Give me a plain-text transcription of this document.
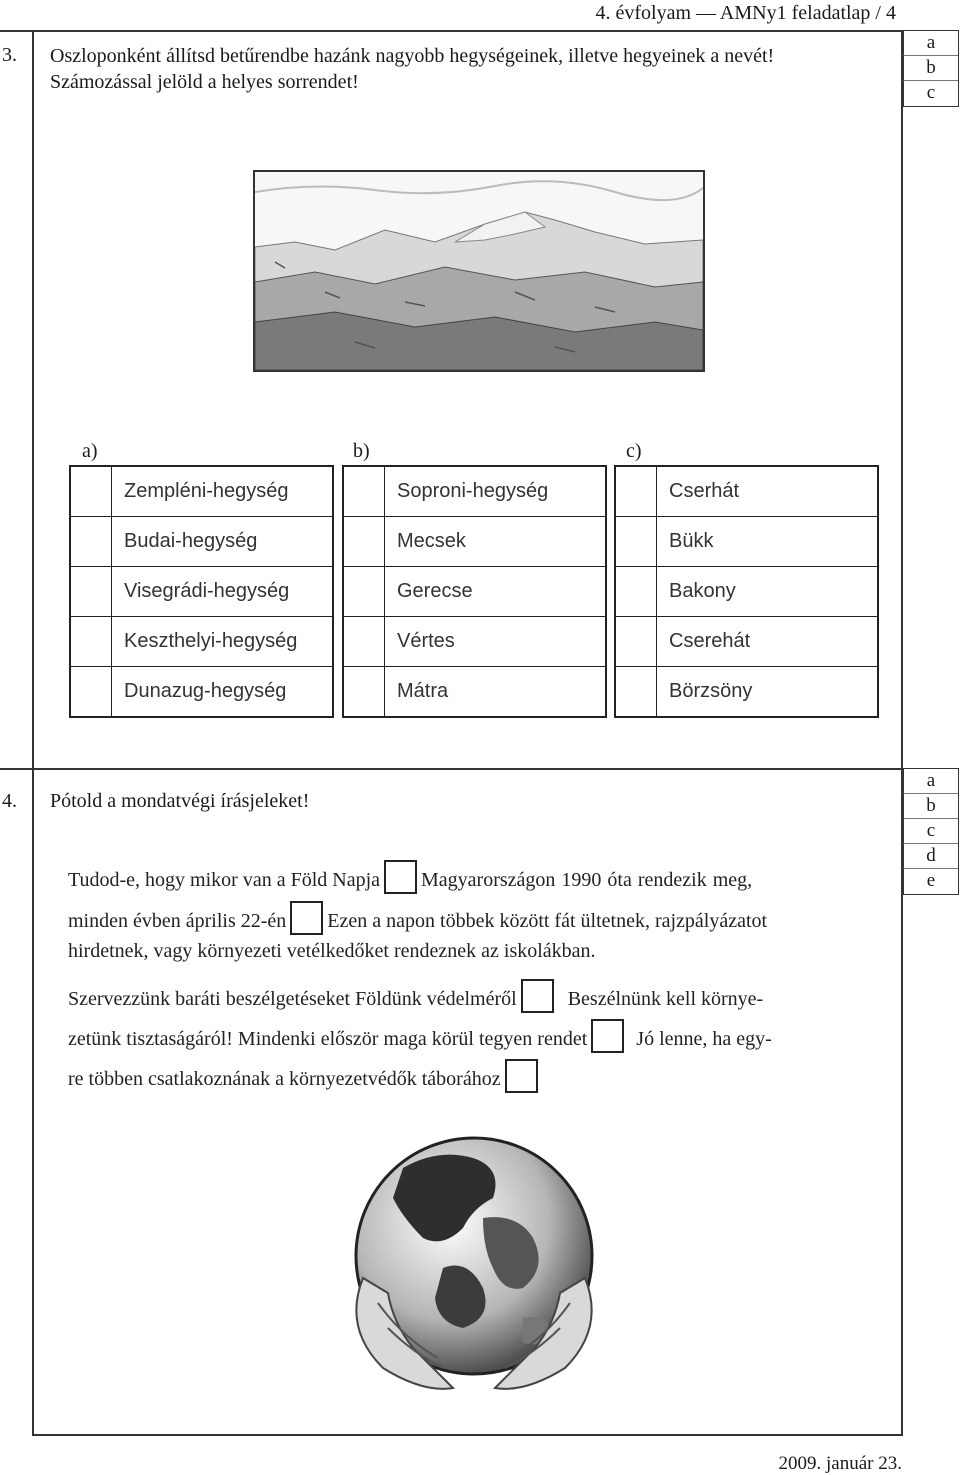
4. évfolyam — AMNy1 feladatlap / 4
3. Oszloponként állítsd betűrendbe hazánk nagyobb hegységeinek, illetve hegyeinek a nevét!
Számozással jelöld a helyes sorrendet!
a
b
c
a)	b)	c)
	Zempléni-hegység
	Budai-hegység
	Visegrádi-hegység
	Keszthelyi-hegység
	Dunazug-hegység
	Soproni-hegység
	Mecsek
	Gerecse
	Vértes
	Mátra
	Cserhát
	Bükk
	Bakony
	Cserehát
	Börzsöny
4. Pótold a mondatvégi írásjeleket!
a
b
c
d
e
Tudod-e, hogy mikor van a Föld Napja Magyarországon 1990 óta rendezik meg,
minden évben április 22-én Ezen a napon többek között fát ültetnek, rajzpályázatot
hirdetnek, vagy környezeti vetélkedőket rendeznek az iskolákban.
Szervezzünk baráti beszélgetéseket Földünk védelméről	Beszélnünk kell környe-
zetünk tisztaságáról! Mindenki először maga körül tegyen rendet Jó lenne, ha egy-
re többen csatlakoznának a környezetvédők táborához
2009. január 23.
